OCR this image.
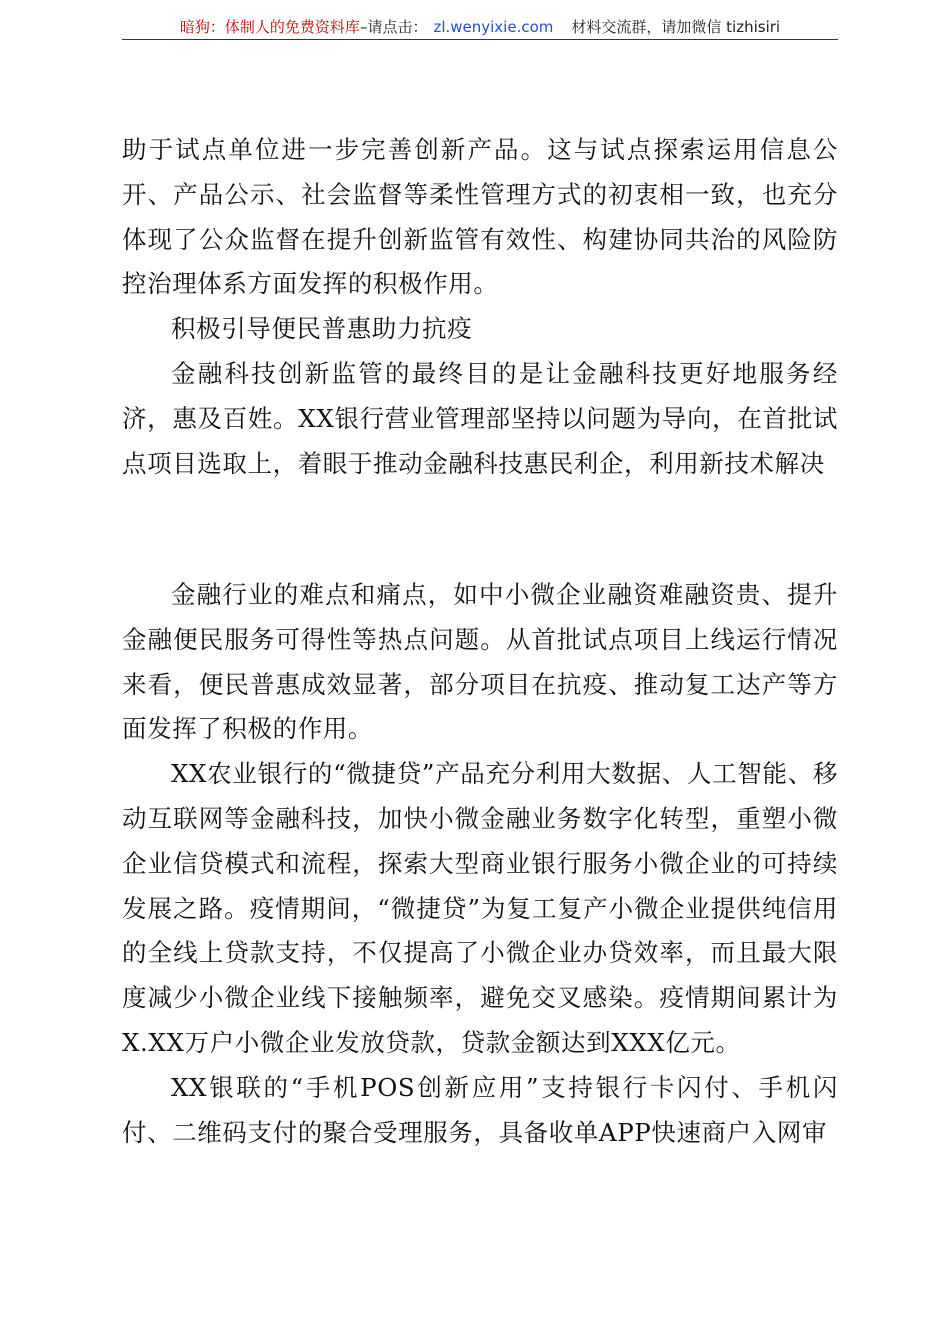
暗狗：体制人的免费资料库–请点击： zl.wenyixie.com 材料交流群，请加微信 tizhisiri

助于试点单位进一步完善创新产品。这与试点探索运用信息公开、产品公示、社会监督等柔性管理方式的初衷相一致，也充分体现了公众监督在提升创新监管有效性、构建协同共治的风险防控治理体系方面发挥的积极作用。

积极引导便民普惠助力抗疫

金融科技创新监管的最终目的是让金融科技更好地服务经济，惠及百姓。XX银行营业管理部坚持以问题为导向，在首批试点项目选取上，着眼于推动金融科技惠民利企，利用新技术解决

金融行业的难点和痛点，如中小微企业融资难融资贵、提升金融便民服务可得性等热点问题。从首批试点项目上线运行情况来看，便民普惠成效显著，部分项目在抗疫、推动复工达产等方面发挥了积极的作用。

XX农业银行的“微捷贷”产品充分利用大数据、人工智能、移动互联网等金融科技，加快小微金融业务数字化转型，重塑小微企业信贷模式和流程，探索大型商业银行服务小微企业的可持续发展之路。疫情期间，“微捷贷”为复工复产小微企业提供纯信用的全线上贷款支持，不仅提高了小微企业办贷效率，而且最大限度减少小微企业线下接触频率，避免交叉感染。疫情期间累计为X.XX万户小微企业发放贷款，贷款金额达到XXX亿元。

XX银联的“手机POS创新应用”支持银行卡闪付、手机闪付、二维码支付的聚合受理服务，具备收单APP快速商户入网审
